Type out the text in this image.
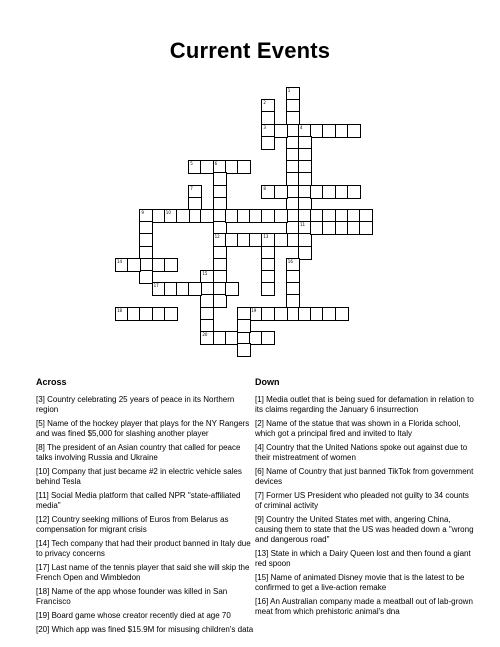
Current Events
1
2
3	4
11
5	6
12
7	8
9	10
13
14
15
16
17
18	19
20
Across	Down
[3] Country celebrating 25 years of peace in its Northern region
[5] Name of the hockey player that plays for the NY Rangers and was fined $5,000 for slashing another player
[8] The president of an Asian country that called for peace talks involving Russia and Ukraine
[10] Company that just became #2 in electric vehicle sales behind Tesla
[11] Social Media platform that called NPR "state-affiliated media"
[12] Country seeking millions of Euros from Belarus as compensation for migrant crisis
[14] Tech company that had their product banned in Italy due to privacy concerns
[17] Last name of the tennis player that said she will skip the French Open and Wimbledon
[18] Name of the app whose founder was killed in San Francisco
[19] Board game whose creator recently died at age 70
[20] Which app was fined $15.9M for misusing children's data
[1] Media outlet that is being sued for defamation in relation to its claims regarding the January 6 insurrection
[2] Name of the statue that was shown in a Florida school, which got a principal fired and invited to Italy
[4] Country that the United Nations spoke out against due to their mistreatment of women
[6] Name of Country that just banned TikTok from government devices
[7] Former US President who pleaded not guilty to 34 counts of criminal activity
[9] Country the United States met with, angering China, causing them to state that the US was headed down a "wrong and dangerous road"
[13] State in which a Dairy Queen lost and then found a giant red spoon
[15] Name of animated Disney movie that is the latest to be confirmed to get a live-action remake
[16] An Australian company made a meatball out of lab-grown meat from which prehistoric animal's dna
